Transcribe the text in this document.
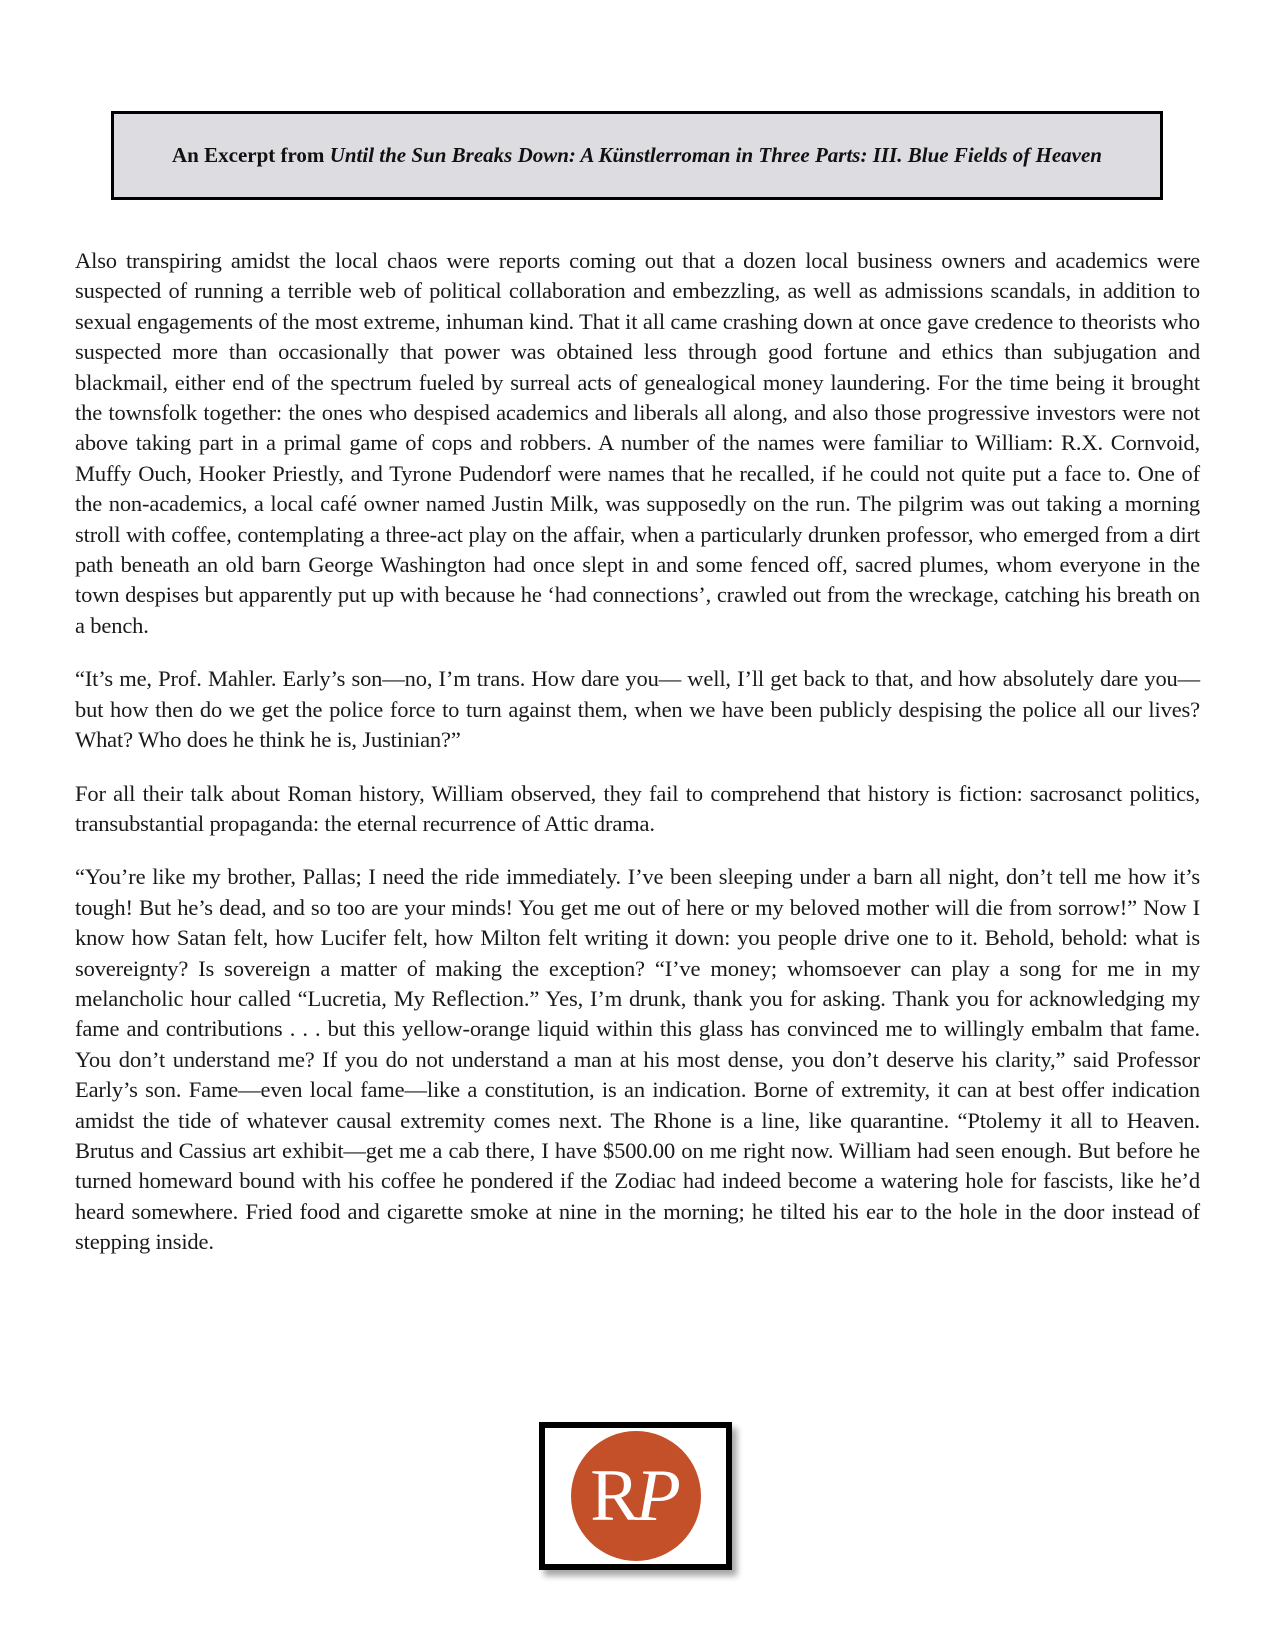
An Excerpt from Until the Sun Breaks Down: A Künstlerroman in Three Parts: III. Blue Fields of Heaven

Also transpiring amidst the local chaos were reports coming out that a dozen local business owners and academics were suspected of running a terrible web of political collaboration and embezzling, as well as admissions scandals, in addition to sexual engagements of the most extreme, inhuman kind. That it all came crashing down at once gave credence to theorists who suspected more than occasionally that power was obtained less through good fortune and ethics than subjugation and blackmail, either end of the spectrum fueled by surreal acts of genealogical money laundering. For the time being it brought the townsfolk together: the ones who despised academics and liberals all along, and also those progressive investors were not above taking part in a primal game of cops and robbers. A number of the names were familiar to William: R.X. Cornvoid, Muffy Ouch, Hooker Priestly, and Tyrone Pudendorf were names that he recalled, if he could not quite put a face to. One of the non-academics, a local café owner named Justin Milk, was supposedly on the run. The pilgrim was out taking a morning stroll with coffee, contemplating a three-act play on the affair, when a particularly drunken professor, who emerged from a dirt path beneath an old barn George Washington had once slept in and some fenced off, sacred plumes, whom everyone in the town despises but apparently put up with because he ‘had connections’, crawled out from the wreckage, catching his breath on a bench.

“It’s me, Prof. Mahler. Early’s son—no, I’m trans. How dare you— well, I’ll get back to that, and how absolutely dare you—but how then do we get the police force to turn against them, when we have been publicly despising the police all our lives? What? Who does he think he is, Justinian?”

For all their talk about Roman history, William observed, they fail to comprehend that history is fiction: sacrosanct politics, transubstantial propaganda: the eternal recurrence of Attic drama.

“You’re like my brother, Pallas; I need the ride immediately. I’ve been sleeping under a barn all night, don’t tell me how it’s tough! But he’s dead, and so too are your minds! You get me out of here or my beloved mother will die from sorrow!” Now I know how Satan felt, how Lucifer felt, how Milton felt writing it down: you people drive one to it. Behold, behold: what is sovereignty? Is sovereign a matter of making the exception? “I’ve money; whomsoever can play a song for me in my melancholic hour called “Lucretia, My Reflection.” Yes, I’m drunk, thank you for asking. Thank you for acknowledging my fame and contributions . . . but this yellow-orange liquid within this glass has convinced me to willingly embalm that fame. You don’t understand me? If you do not understand a man at his most dense, you don’t deserve his clarity,” said Professor Early’s son. Fame—even local fame—like a constitution, is an indication. Borne of extremity, it can at best offer indication amidst the tide of whatever causal extremity comes next. The Rhone is a line, like quarantine. “Ptolemy it all to Heaven. Brutus and Cassius art exhibit—get me a cab there, I have $500.00 on me right now. William had seen enough. But before he turned homeward bound with his coffee he pondered if the Zodiac had indeed become a watering hole for fascists, like he’d heard somewhere. Fried food and cigarette smoke at nine in the morning; he tilted his ear to the hole in the door instead of stepping inside.

RP
